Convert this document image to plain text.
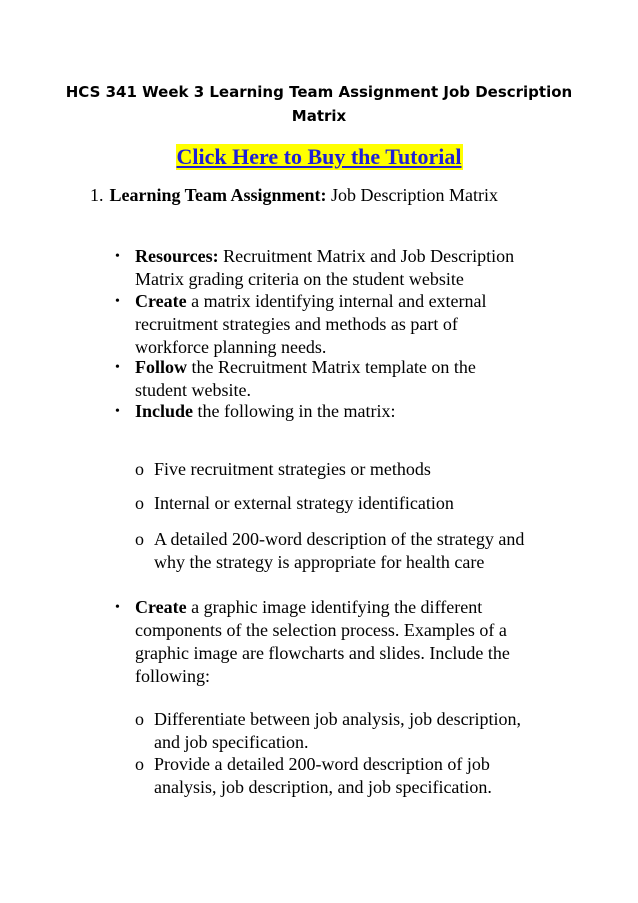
HCS 341 Week 3 Learning Team Assignment Job Description
Matrix
Click Here to Buy the Tutorial
1. Learning Team Assignment: Job Description Matrix
• Resources: Recruitment Matrix and Job Description
Matrix grading criteria on the student website
• Create a matrix identifying internal and external
recruitment strategies and methods as part of
workforce planning needs.
• Follow the Recruitment Matrix template on the
student website.
• Include the following in the matrix:
o Five recruitment strategies or methods
o Internal or external strategy identification
o A detailed 200-word description of the strategy and
why the strategy is appropriate for health care
• Create a graphic image identifying the different
components of the selection process. Examples of a
graphic image are flowcharts and slides. Include the
following:
o Differentiate between job analysis, job description,
and job specification.
o Provide a detailed 200-word description of job
analysis, job description, and job specification.
